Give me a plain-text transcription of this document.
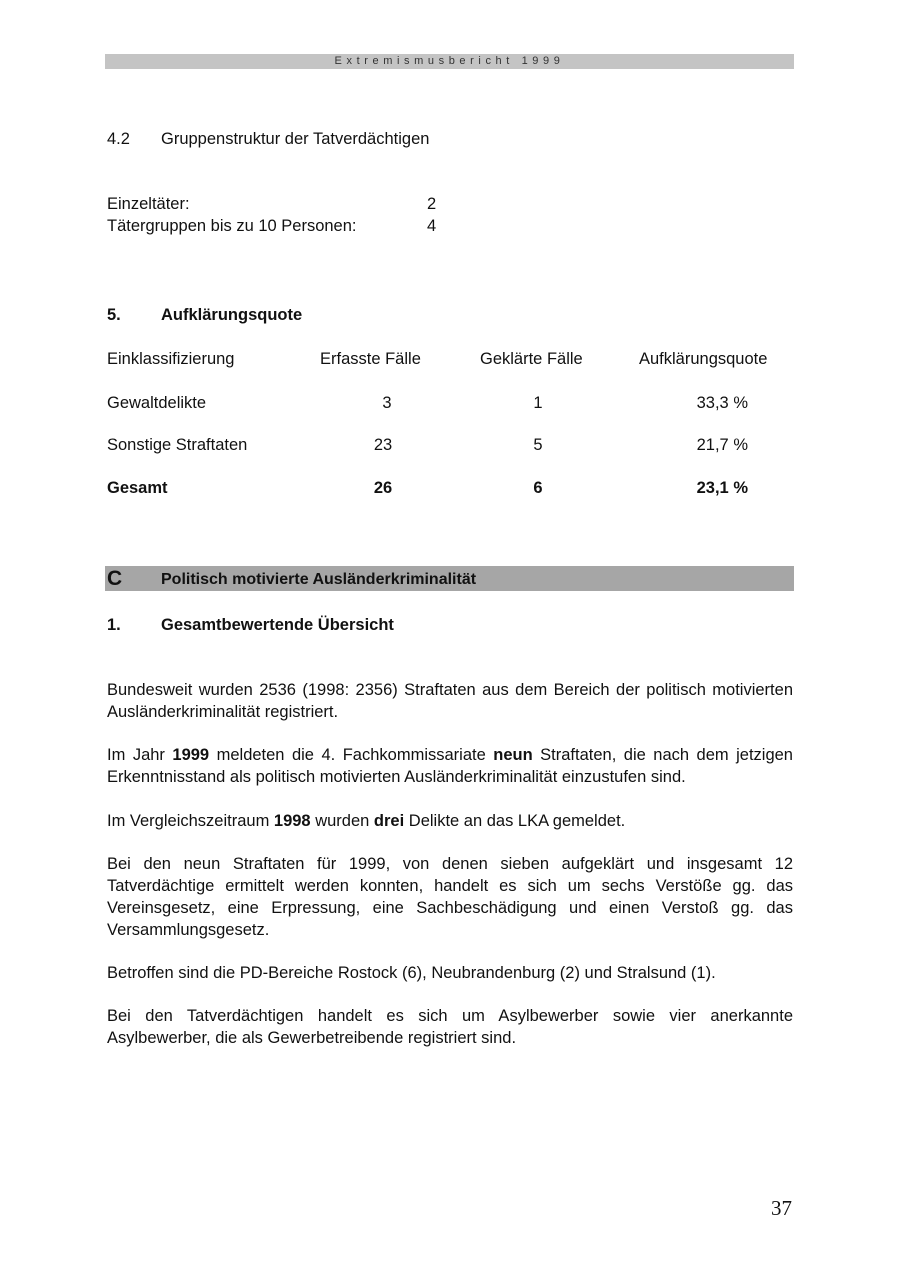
Extremismusbericht 1999
4.2 Gruppenstruktur der Tatverdächtigen
Einzeltäter:	2
Tätergruppen bis zu 10 Personen:	4
5. Aufklärungsquote
Einklassifizierung	Erfasste Fälle	Geklärte Fälle	Aufklärungsquote
Gewaltdelikte	3	1	33,3 %
Sonstige Straftaten	23	5	21,7 %
Gesamt	26	6	23,1 %
C Politisch motivierte Ausländerkriminalität
1. Gesamtbewertende Übersicht
Bundesweit wurden 2536 (1998: 2356) Straftaten aus dem Bereich der politisch motivierten Ausländerkriminalität registriert.
Im Jahr 1999 meldeten die 4. Fachkommissariate neun Straftaten, die nach dem jetzigen Erkenntnisstand als politisch motivierten Ausländerkriminalität einzustufen sind.
Im Vergleichszeitraum 1998 wurden drei Delikte an das LKA gemeldet.
Bei den neun Straftaten für 1999, von denen sieben aufgeklärt und insgesamt 12 Tatverdächtige ermittelt werden konnten, handelt es sich um sechs Verstöße gg. das Vereinsgesetz, eine Erpressung, eine Sachbeschädigung und einen Verstoß gg. das Versammlungsgesetz.
Betroffen sind die PD-Bereiche Rostock (6), Neubrandenburg (2) und Stralsund (1).
Bei den Tatverdächtigen handelt es sich um Asylbewerber sowie vier anerkannte Asylbewerber, die als Gewerbetreibende registriert sind.
37
